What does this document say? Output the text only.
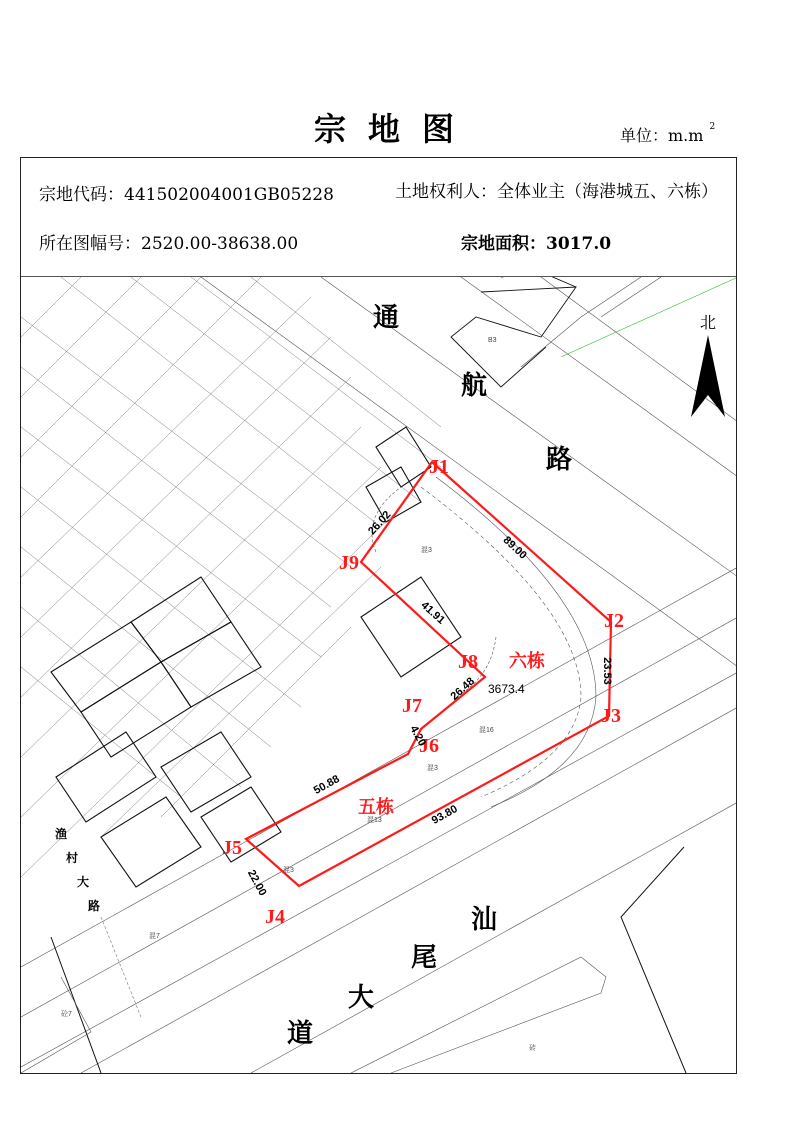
宗地图	单位：m.m $^2$
宗地代码：441502004001GB05228	土地权利人：全体业主（海港城五、六栋）
所在图幅号：2520.00-38638.00	宗地面积：3017.0
北
通
航
路
汕
尾
大
道
渔
村
大
路
六栋
3673.4
五栋
J1
J2
J3
J4
J5
J6
J7
J8
J9
89.00
23.53
93.80
22.00
50.88
4.20
26.48
41.91
26.02
混3
混16
混3
混13
混3
混7
砼7
B3
砖
